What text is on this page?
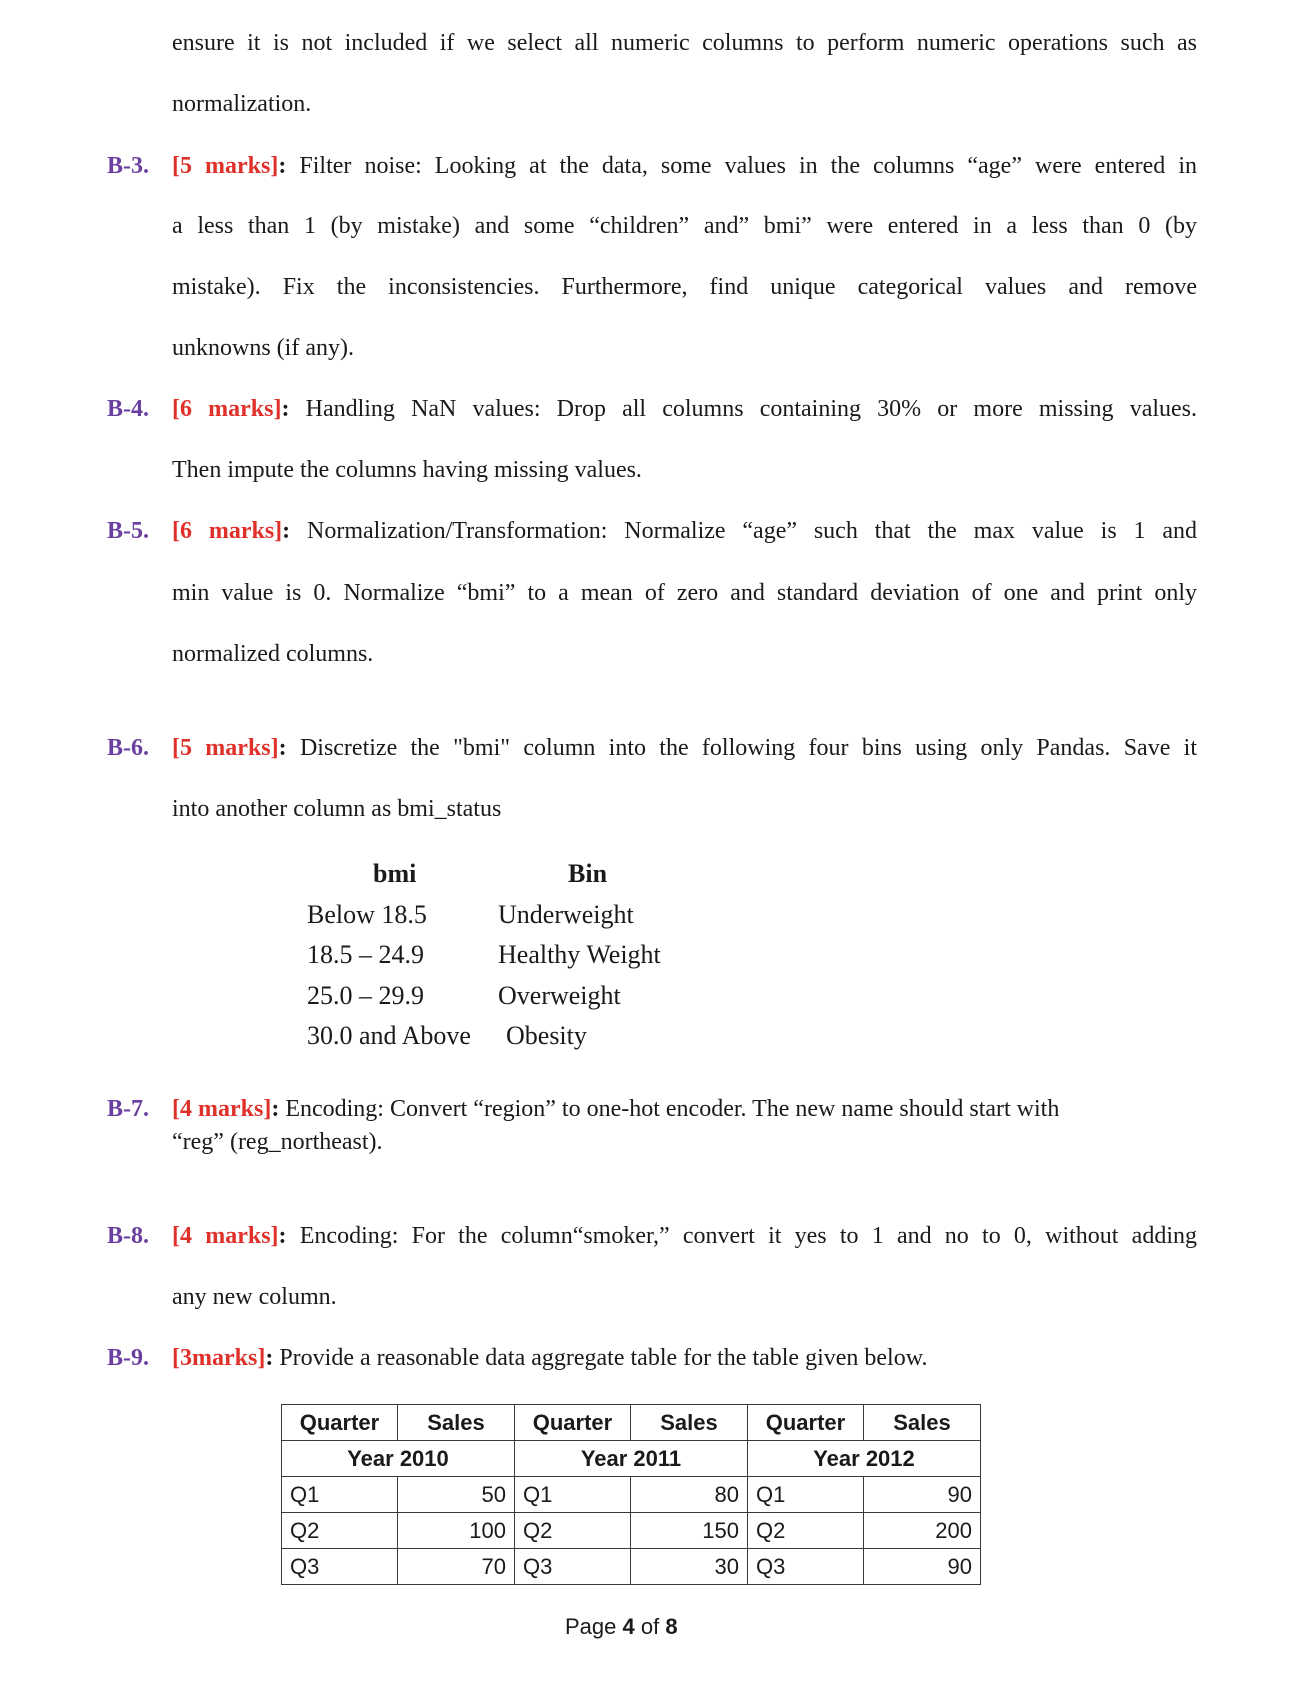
ensure it is not included if we select all numeric columns to perform numeric operations such as
normalization.
B-3. [5 marks]: Filter noise: Looking at the data, some values in the columns “age” were entered in
a less than 1 (by mistake) and some “children” and” bmi” were entered in a less than 0 (by
mistake). Fix the inconsistencies. Furthermore, find unique categorical values and remove
unknowns (if any).
B-4. [6 marks]: Handling NaN values: Drop all columns containing 30% or more missing values.
Then impute the columns having missing values.
B-5. [6 marks]: Normalization/Transformation: Normalize “age” such that the max value is 1 and
min value is 0. Normalize “bmi” to a mean of zero and standard deviation of one and print only
normalized columns.
B-6. [5 marks]: Discretize the "bmi" column into the following four bins using only Pandas. Save it
into another column as bmi_status
bmi	Bin
Below 18.5	Underweight
18.5 – 24.9	Healthy Weight
25.0 – 29.9	Overweight
30.0 and Above Obesity
B-7. [4 marks]: Encoding: Convert “region” to one-hot encoder. The new name should start with
“reg” (reg_northeast).
B-8. [4 marks]: Encoding: For the column“smoker,” convert it yes to 1 and no to 0, without adding
any new column.
B-9. [3marks]: Provide a reasonable data aggregate table for the table given below.
Quarter	Sales	Quarter	Sales	Quarter	Sales
Year 2010		Year 2011		Year 2012	
Q1	50	Q1	80	Q1	90
Q2	100	Q2	150	Q2	200
Q3	70	Q3	30	Q3	90
Page 4 of 8
